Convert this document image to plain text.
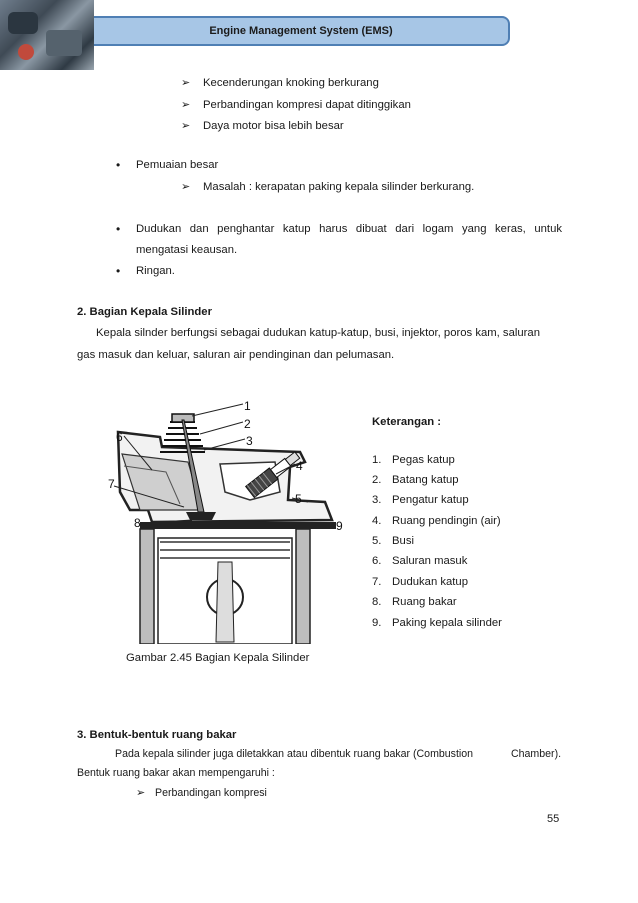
Engine Management System (EMS)
➢ Kecenderungan knoking berkurang
➢ Perbandingan kompresi dapat ditinggikan
➢ Daya motor bisa lebih besar
• Pemuaian besar
➢ Masalah : kerapatan paking kepala silinder berkurang.
• Dudukan dan penghantar katup harus dibuat dari logam yang keras, untuk
mengatasi keausan.
• Ringan.
2. Bagian Kepala Silinder
Kepala silnder berfungsi sebagai dudukan katup-katup, busi, injektor, poros kam, saluran
gas masuk dan keluar, saluran air pendinginan dan pelumasan.
1
2
3
4
5
6
7
8	9
Gambar 2.45 Bagian Kepala Silinder
Keterangan :
1. Pegas katup
2. Batang katup
3. Pengatur katup
4. Ruang pendingin (air)
5. Busi
6. Saluran masuk
7. Dudukan katup
8. Ruang bakar
9. Paking kepala silinder
3. Bentuk-bentuk ruang bakar
Pada kepala silinder juga diletakkan atau dibentuk ruang bakar (Combustion	Chamber).
Bentuk ruang bakar akan mempengaruhi :
➢ Perbandingan kompresi
55
